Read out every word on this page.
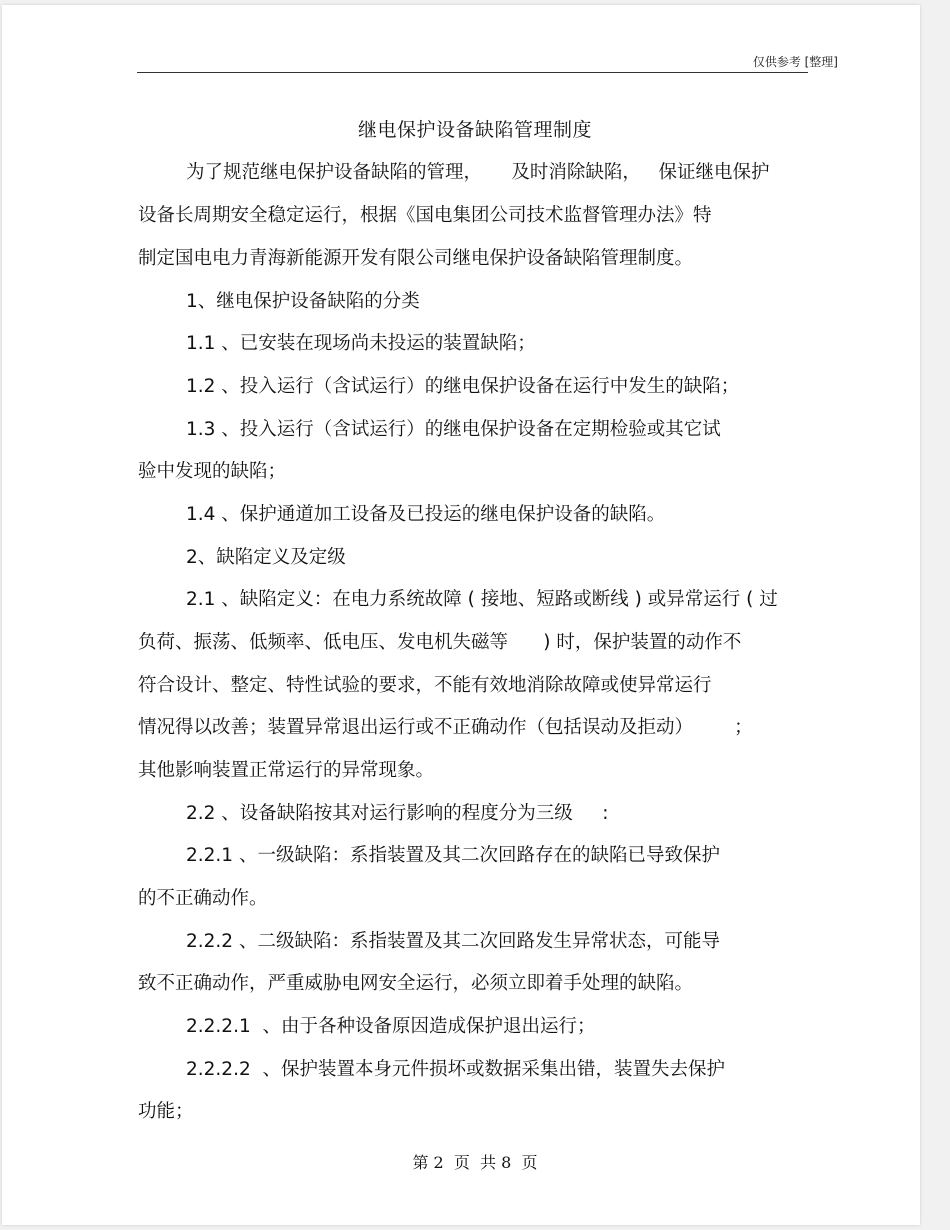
仅供参考 [整理]
继电保护设备缺陷管理制度
为了规范继电保护设备缺陷的管理，     及时消除缺陷，   保证继电保护
设备长周期安全稳定运行，根据《国电集团公司技术监督管理办法》特
制定国电电力青海新能源开发有限公司继电保护设备缺陷管理制度。
1、继电保护设备缺陷的分类
1.1 、已安装在现场尚未投运的装置缺陷；
1.2 、投入运行（含试运行）的继电保护设备在运行中发生的缺陷；
1.3 、投入运行（含试运行）的继电保护设备在定期检验或其它试
验中发现的缺陷；
1.4 、保护通道加工设备及已投运的继电保护设备的缺陷。
2、缺陷定义及定级
2.1 、缺陷定义：在电力系统故障 ( 接地、短路或断线 ) 或异常运行 ( 过
负荷、振荡、低频率、低电压、发电机失磁等      ) 时，保护装置的动作不
符合设计、整定、特性试验的要求，不能有效地消除故障或使异常运行
情况得以改善；装置异常退出运行或不正确动作（包括误动及拒动）       ；
其他影响装置正常运行的异常现象。
2.2 、设备缺陷按其对运行影响的程度分为三级     :
2.2.1 、一级缺陷：系指装置及其二次回路存在的缺陷已导致保护
的不正确动作。
2.2.2 、二级缺陷：系指装置及其二次回路发生异常状态，可能导
致不正确动作，严重威胁电网安全运行，必须立即着手处理的缺陷。
2.2.2.1  、由于各种设备原因造成保护退出运行；
2.2.2.2  、保护装置本身元件损坏或数据采集出错，装置失去保护
功能；
第 2  页  共 8  页
